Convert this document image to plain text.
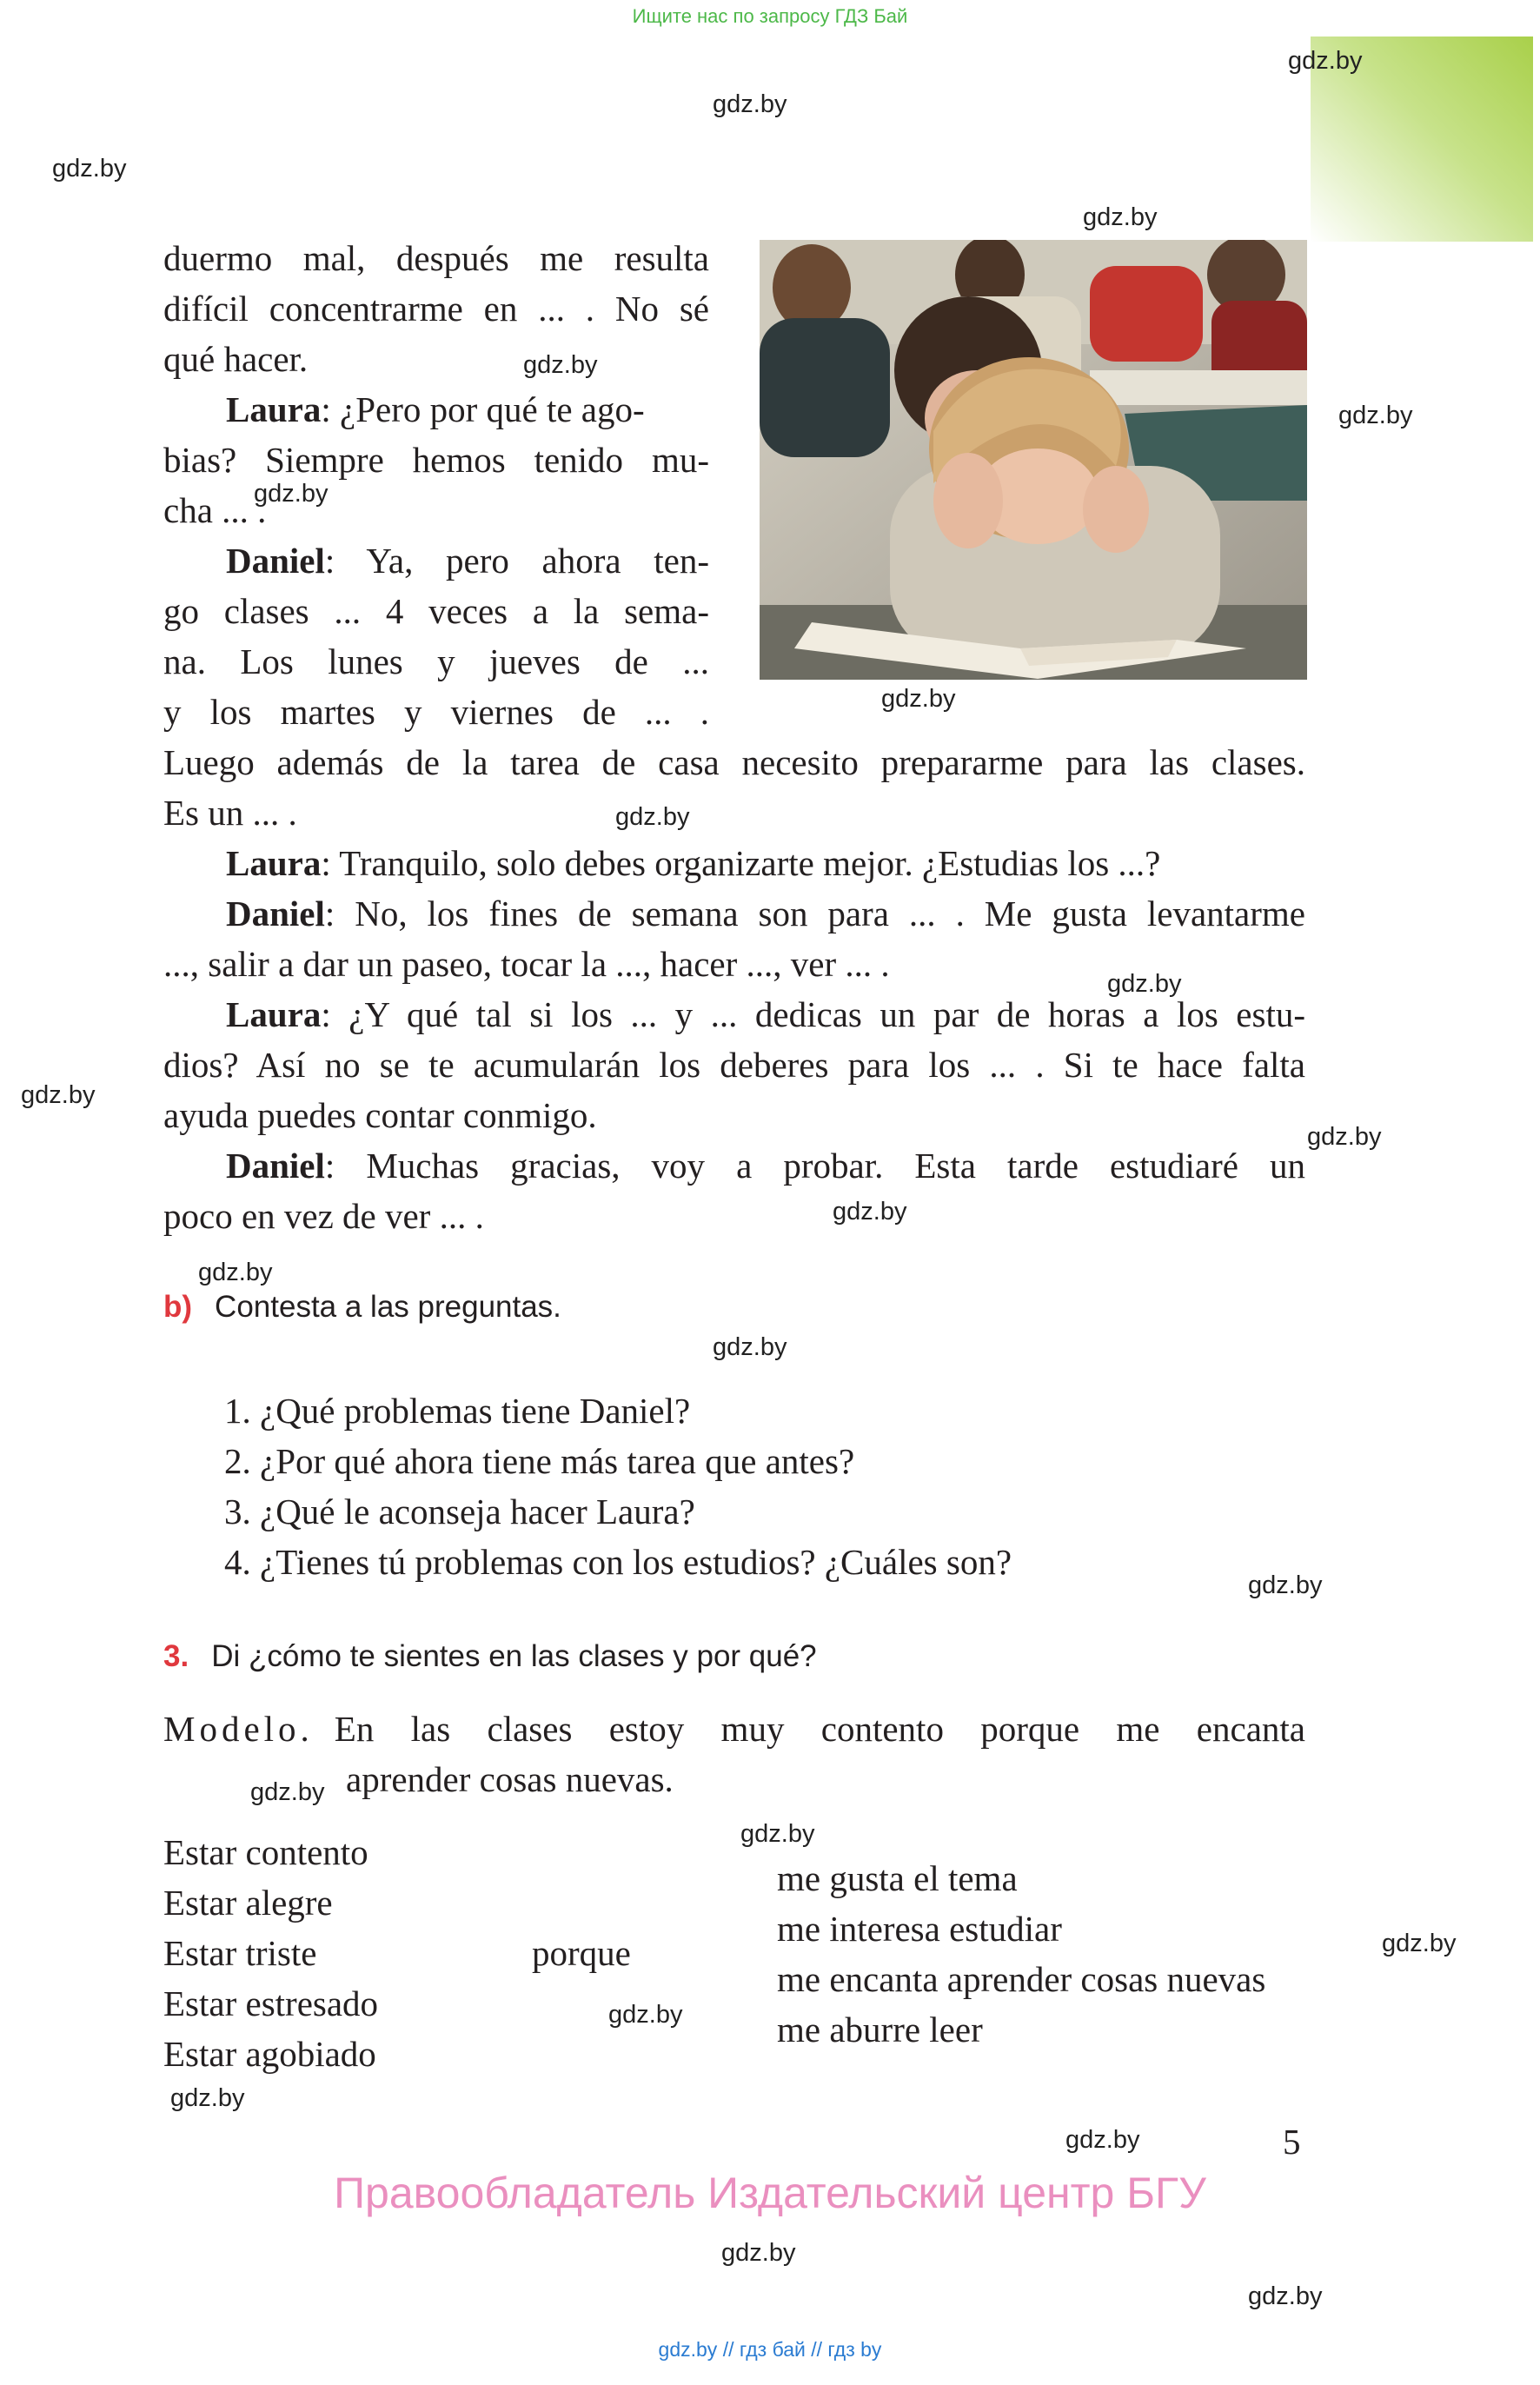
Ищите нас по запросу ГДЗ Бай
gdz.by
gdz.by
gdz.by
gdz.by
gdz.by
gdz.by
gdz.by
gdz.by
gdz.by
gdz.by
gdz.by
gdz.by
gdz.by
gdz.by
gdz.by
gdz.by
gdz.by
gdz.by
gdz.by
gdz.by
gdz.by
gdz.by
gdz.by
gdz.by
duermo mal, después me resulta
difícil concentrarme en ... . No sé
qué hacer.
Laura: ¿Pero por qué te ago-
bias? Siempre hemos tenido mu-
cha ... .
Daniel : Ya, pero ahora ten-
go clases ... 4 veces a la sema-
na. Los lunes y jueves de ...
y los martes y viernes de ... .
Luego además de la tarea de casa necesito prepararme para las clases.
Es un ... .
Laura: Tranquilo, solo debes organizarte mejor. ¿Estudias los ...?
Daniel : No, los fines de semana son para ... . Me gusta levantarme
..., salir a dar un paseo, tocar la ..., hacer ..., ver ... .
Laura : ¿Y qué tal si los ... y ... dedicas un par de horas a los estu-
dios? Así no se te acumularán los deberes para los ... . Si te hace falta
ayuda puedes contar conmigo.
Daniel : Muchas gracias, voy a probar. Esta tarde estudiaré un
poco en vez de ver ... .
b) Contesta a las preguntas.
1. ¿Qué problemas tiene Daniel?
2. ¿Por qué ahora tiene más tarea que antes?
3. ¿Qué le aconseja hacer Laura?
4. ¿Tienes tú problemas con los estudios? ¿Cuáles son?
3. Di ¿cómo te sientes en las clases y por qué?
Modelo. En las clases estoy muy contento porque me encanta
aprender cosas nuevas.
Estar contento
Estar alegre
Estar triste
Estar estresado
Estar agobiado
porque
me gusta el tema
me interesa estudiar
me encanta aprender cosas nuevas
me aburre leer
5
Правообладатель Издательский центр БГУ
gdz.by // гдз бай // гдз by
